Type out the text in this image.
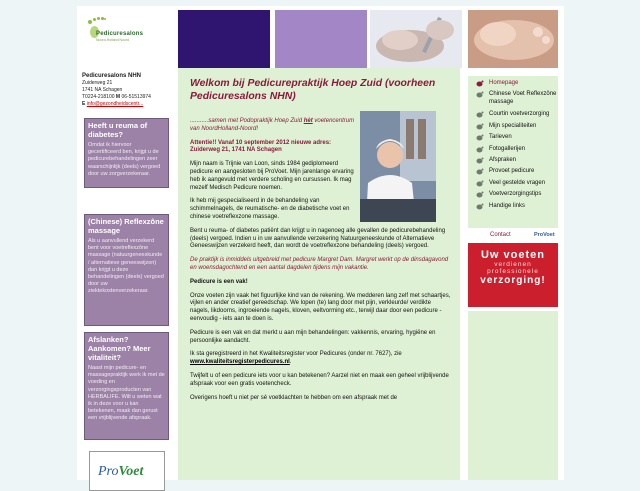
Pedicuresalons
Noord-Holland Noord
Pedicuresalons NHN
Zuiderweg 21
1741 NA Schagen
T0224-218100 M 06-51513974
E info@gezondheidscentr...
Heeft u reuma of diabetes?
Omdat ik hiervoor gecertificeerd ben, krijgt u de pedicurebehandelingen zeer waarschijnlijk (deels) vergoed door uw zorgverzekeraar.
(Chinese) Reflexzône massage
Als u aanvullend verzekerd bent voor voetreflexzône massage (natuurgeneeskunde / alternatieve geneeswijzen) dan krijgt u deze behandelingen (deels) vergoed door uw ziektekostenverzekeraar.
Afslanken? Aankomen? Meer vitaliteit?
Naast mijn pedicure- en massagepraktijk werk ik met de voeding en verzorgingsproducten van HERBALIFE. Wilt u weten wat ik in deze voor u kan betekenen, maak dan gerust een vrijblijvende afspraak.
ProVoet
Welkom bij Pedicurepraktijk Hoep Zuid (voorheen Pedicuresalons NHN)

...........samen met Podopraktijk Hoep Zuid hèt voetencentrum van NoordHolland-Noord!

Attentie!! Vanaf 10 september 2012 nieuwe adres: Zuiderweg 21, 1741 NA Schagen

Mijn naam is Trijnie van Loon, sinds 1984 gediplomeerd pedicure en aangesloten bij ProVoet. Mijn jarenlange ervaring heb ik aangevuld met verdere scholing en cursussen. Ik mag mezelf Medisch Pedicure noemen.

Ik heb mij gespecialiseerd in de behandeling van schimmelnagels, de reumatische- en de diabetische voet en chinese voetreflexzone massage.

Bent u reuma- of diabetes patiënt dan krijgt u in nagenoeg alle gevallen de pedicurebehandeling (deels) vergoed. Indien u in uw aanvullende verzekering Natuurgeneeskunde of Alternatieve Geneeswijzen verzekerd heeft, dan wordt de voetreflexzone behandeling (deels) vergoed.

De praktijk is inmiddels uitgebreid met pedicure Margret Dam. Margret werkt op de dinsdagavond en woensdagochtend en een aantal dagdelen tijdens mijn vakantie.

Pedicure is een vak!

Onze voeten zijn vaak het figuurlijke kind van de rekening. We medderen lang zelf met schaartjes, vijlen en ander creatief gereedschap. We lopen (te) lang door met pijn, verkleurde/ verdikte nagels, likdoorns, ingroeiende nagels, kloven, eeltvorming etc., terwijl daar door een pedicure - eenvoudig - iets aan te doen is.

Pedicure is een vak en dat merkt u aan mijn behandelingen: vakkennis, ervaring, hygiëne en persoonlijke aandacht.

Ik sta geregistreerd in het Kwaliteitsregister voor Pedicures (onder nr. 7627), zie www.kwaliteitsregisterpedicures.nl.

Twijfelt u of een pedicure iets voor u kan betekenen? Aarzel niet en maak een geheel vrijblijvende afspraak voor een gratis voetencheck.

Overigens hoeft u niet per sé voetklachten te hebben om een afspraak met de

Homepage
Chinese Voet Reflexzône massage
Courtin voetverzorging
Mijn specialiteiten
Tarieven
Fotogallerijen
Afspraken
Provoet pedicure
Veel gestelde vragen
Voetverzorgingstips
Handige links
Contact	ProVoet
Uw voeten
verdienen
professionele
verzorging!
